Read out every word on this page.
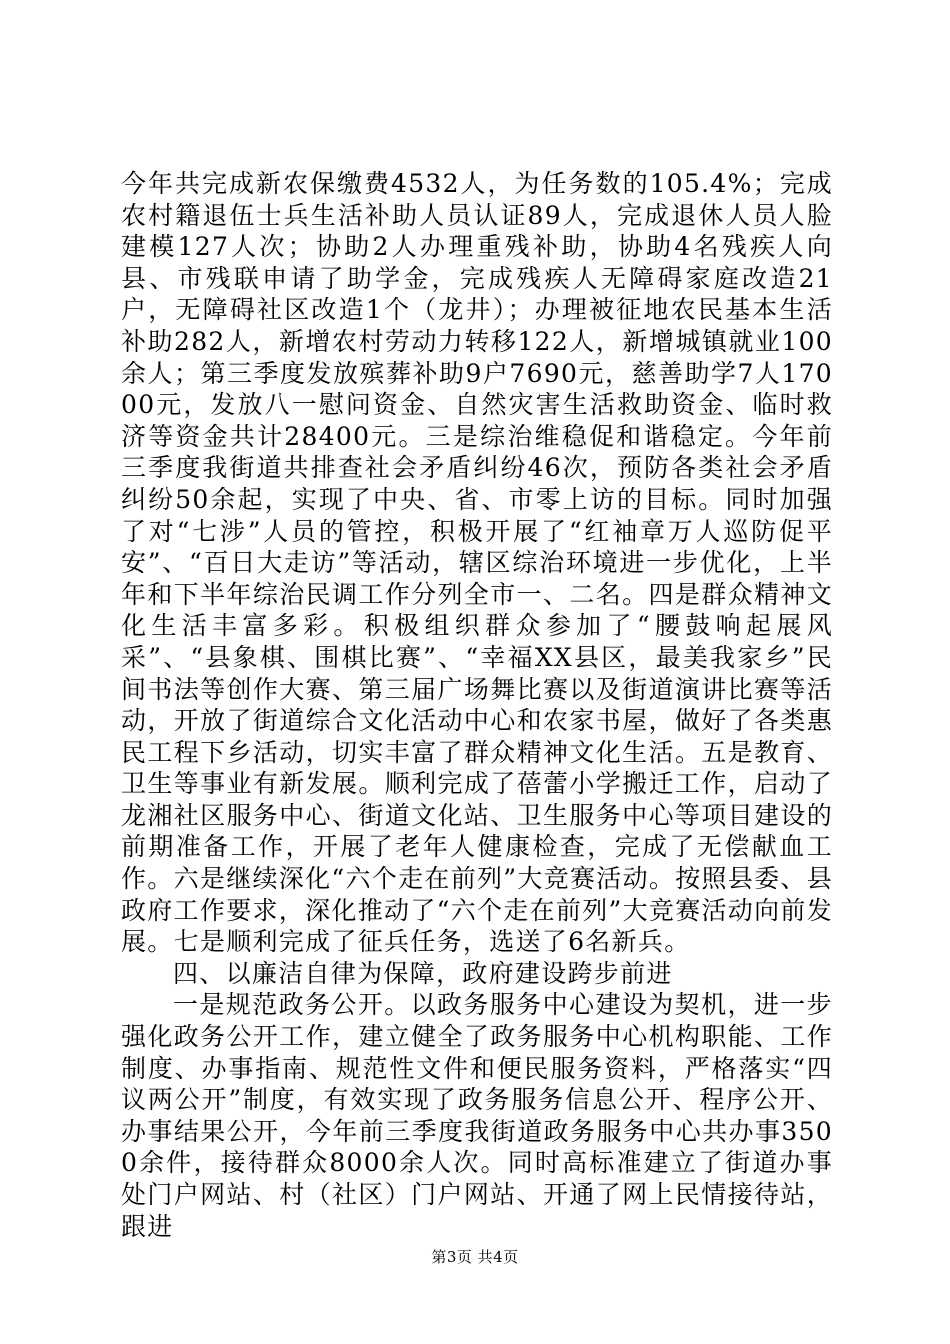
今年共完成新农保缴费4532人，为任务数的105.4%；完成农村籍退伍士兵生活补助人员认证89人，完成退休人员人脸建模127人次；协助2人办理重残补助，协助4名残疾人向县、市残联申请了助学金，完成残疾人无障碍家庭改造21户，无障碍社区改造1个（龙井）；办理被征地农民基本生活补助282人，新增农村劳动力转移122人，新增城镇就业100余人；第三季度发放殡葬补助9户7690元，慈善助学7人17000元，发放八一慰问资金、自然灾害生活救助资金、临时救济等资金共计28400元。三是综治维稳促和谐稳定。今年前三季度我街道共排查社会矛盾纠纷46次，预防各类社会矛盾纠纷50余起，实现了中央、省、市零上访的目标。同时加强了对“七涉”人员的管控，积极开展了“红袖章万人巡防促平安”、“百日大走访”等活动，辖区综治环境进一步优化，上半年和下半年综治民调工作分列全市一、二名。四是群众精神文化生活丰富多彩。积极组织群众参加了“腰鼓响起展风采”、“县象棋、围棋比赛”、“幸福XX县区，最美我家乡”民间书法等创作大赛、第三届广场舞比赛以及街道演讲比赛等活动，开放了街道综合文化活动中心和农家书屋，做好了各类惠民工程下乡活动，切实丰富了群众精神文化生活。五是教育、卫生等事业有新发展。顺利完成了蓓蕾小学搬迁工作，启动了龙湘社区服务中心、街道文化站、卫生服务中心等项目建设的前期准备工作，开展了老年人健康检查，完成了无偿献血工作。六是继续深化“六个走在前列”大竞赛活动。按照县委、县政府工作要求，深化推动了“六个走在前列”大竞赛活动向前发展。七是顺利完成了征兵任务，选送了6名新兵。

四、以廉洁自律为保障，政府建设跨步前进

一是规范政务公开。以政务服务中心建设为契机，进一步强化政务公开工作，建立健全了政务服务中心机构职能、工作制度、办事指南、规范性文件和便民服务资料，严格落实“四议两公开”制度，有效实现了政务服务信息公开、程序公开、办事结果公开，今年前三季度我街道政务服务中心共办事3500余件，接待群众8000余人次。同时高标准建立了街道办事处门户网站、村（社区）门户网站、开通了网上民情接待站，跟进

第3页 共4页
